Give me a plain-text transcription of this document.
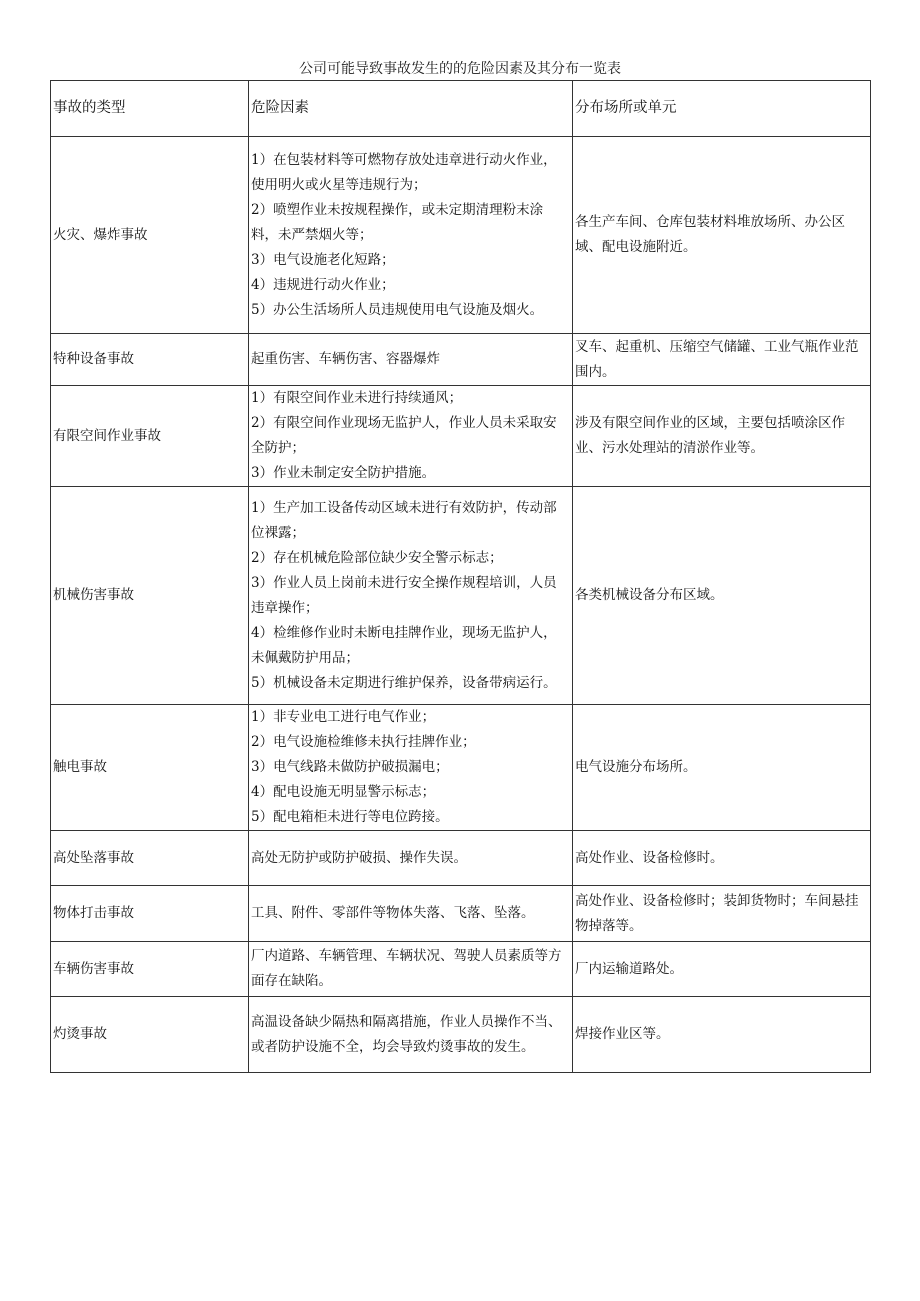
公司可能导致事故发生的的危险因素及其分布一览表
事故的类型	危险因素	分布场所或单元
火灾、爆炸事故	1）在包装材料等可燃物存放处违章进行动火作业，使用明火或火星等违规行为；
2）喷塑作业未按规程操作，或未定期清理粉末涂料，未严禁烟火等；
3）电气设施老化短路；
4）违规进行动火作业；
5）办公生活场所人员违规使用电气设施及烟火。	各生产车间、仓库包装材料堆放场所、办公区域、配电设施附近。
特种设备事故	起重伤害、车辆伤害、容器爆炸	叉车、起重机、压缩空气储罐、工业气瓶作业范围内。
有限空间作业事故	1）有限空间作业未进行持续通风；
2）有限空间作业现场无监护人，作业人员未采取安全防护；
3）作业未制定安全防护措施。	涉及有限空间作业的区域，主要包括喷涂区作业、污水处理站的清淤作业等。
机械伤害事故	1）生产加工设备传动区域未进行有效防护，传动部位裸露；
2）存在机械危险部位缺少安全警示标志；
3）作业人员上岗前未进行安全操作规程培训，人员违章操作；
4）检维修作业时未断电挂牌作业，现场无监护人，未佩戴防护用品；
5）机械设备未定期进行维护保养，设备带病运行。	各类机械设备分布区域。
触电事故	1）非专业电工进行电气作业；
2）电气设施检维修未执行挂牌作业；
3）电气线路未做防护破损漏电；
4）配电设施无明显警示标志；
5）配电箱柜未进行等电位跨接。	电气设施分布场所。
高处坠落事故	高处无防护或防护破损、操作失误。	高处作业、设备检修时。
物体打击事故	工具、附件、零部件等物体失落、飞落、坠落。	高处作业、设备检修时；装卸货物时；车间悬挂物掉落等。
车辆伤害事故	厂内道路、车辆管理、车辆状况、驾驶人员素质等方面存在缺陷。	厂内运输道路处。
灼烫事故	高温设备缺少隔热和隔离措施，作业人员操作不当、或者防护设施不全，均会导致灼烫事故的发生。	焊接作业区等。
